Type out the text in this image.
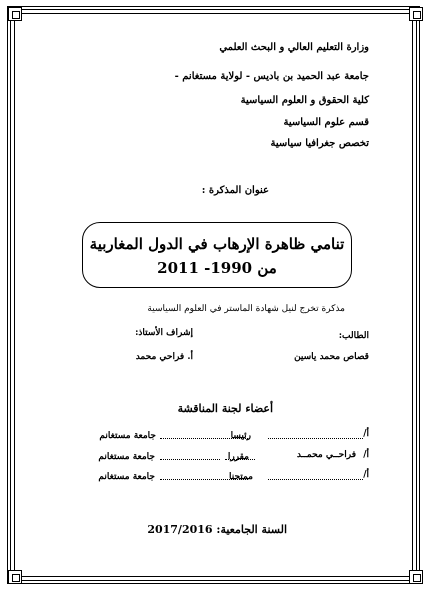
وزارة التعليم العالي و البحث العلمي
جامعة عبد الحميد بن باديس - لولاية مستغانم -
كلية الحقوق و العلوم السياسية
قسم علوم السياسية
تخصص جغرافيا سياسية
عنوان المذكرة :
تنامي ظاهرة الإرهاب في الدول المغاربية
من 1990- 2011
مذكرة تخرج لنيل شهادة الماستر في العلوم السياسية
الطالب:
إشراف الأستاذ:
قصاص محمد ياسين
أ. فراحي محمد
أعضاء لجنة المناقشة
أ/
رئيسا
جامعة مستغانم
أ/
فراحــي محمــد
مقررا
جامعة مستغانم
أ/
ممتحنا
جامعة مستغانم
السنة الجامعية: 2017/2016
